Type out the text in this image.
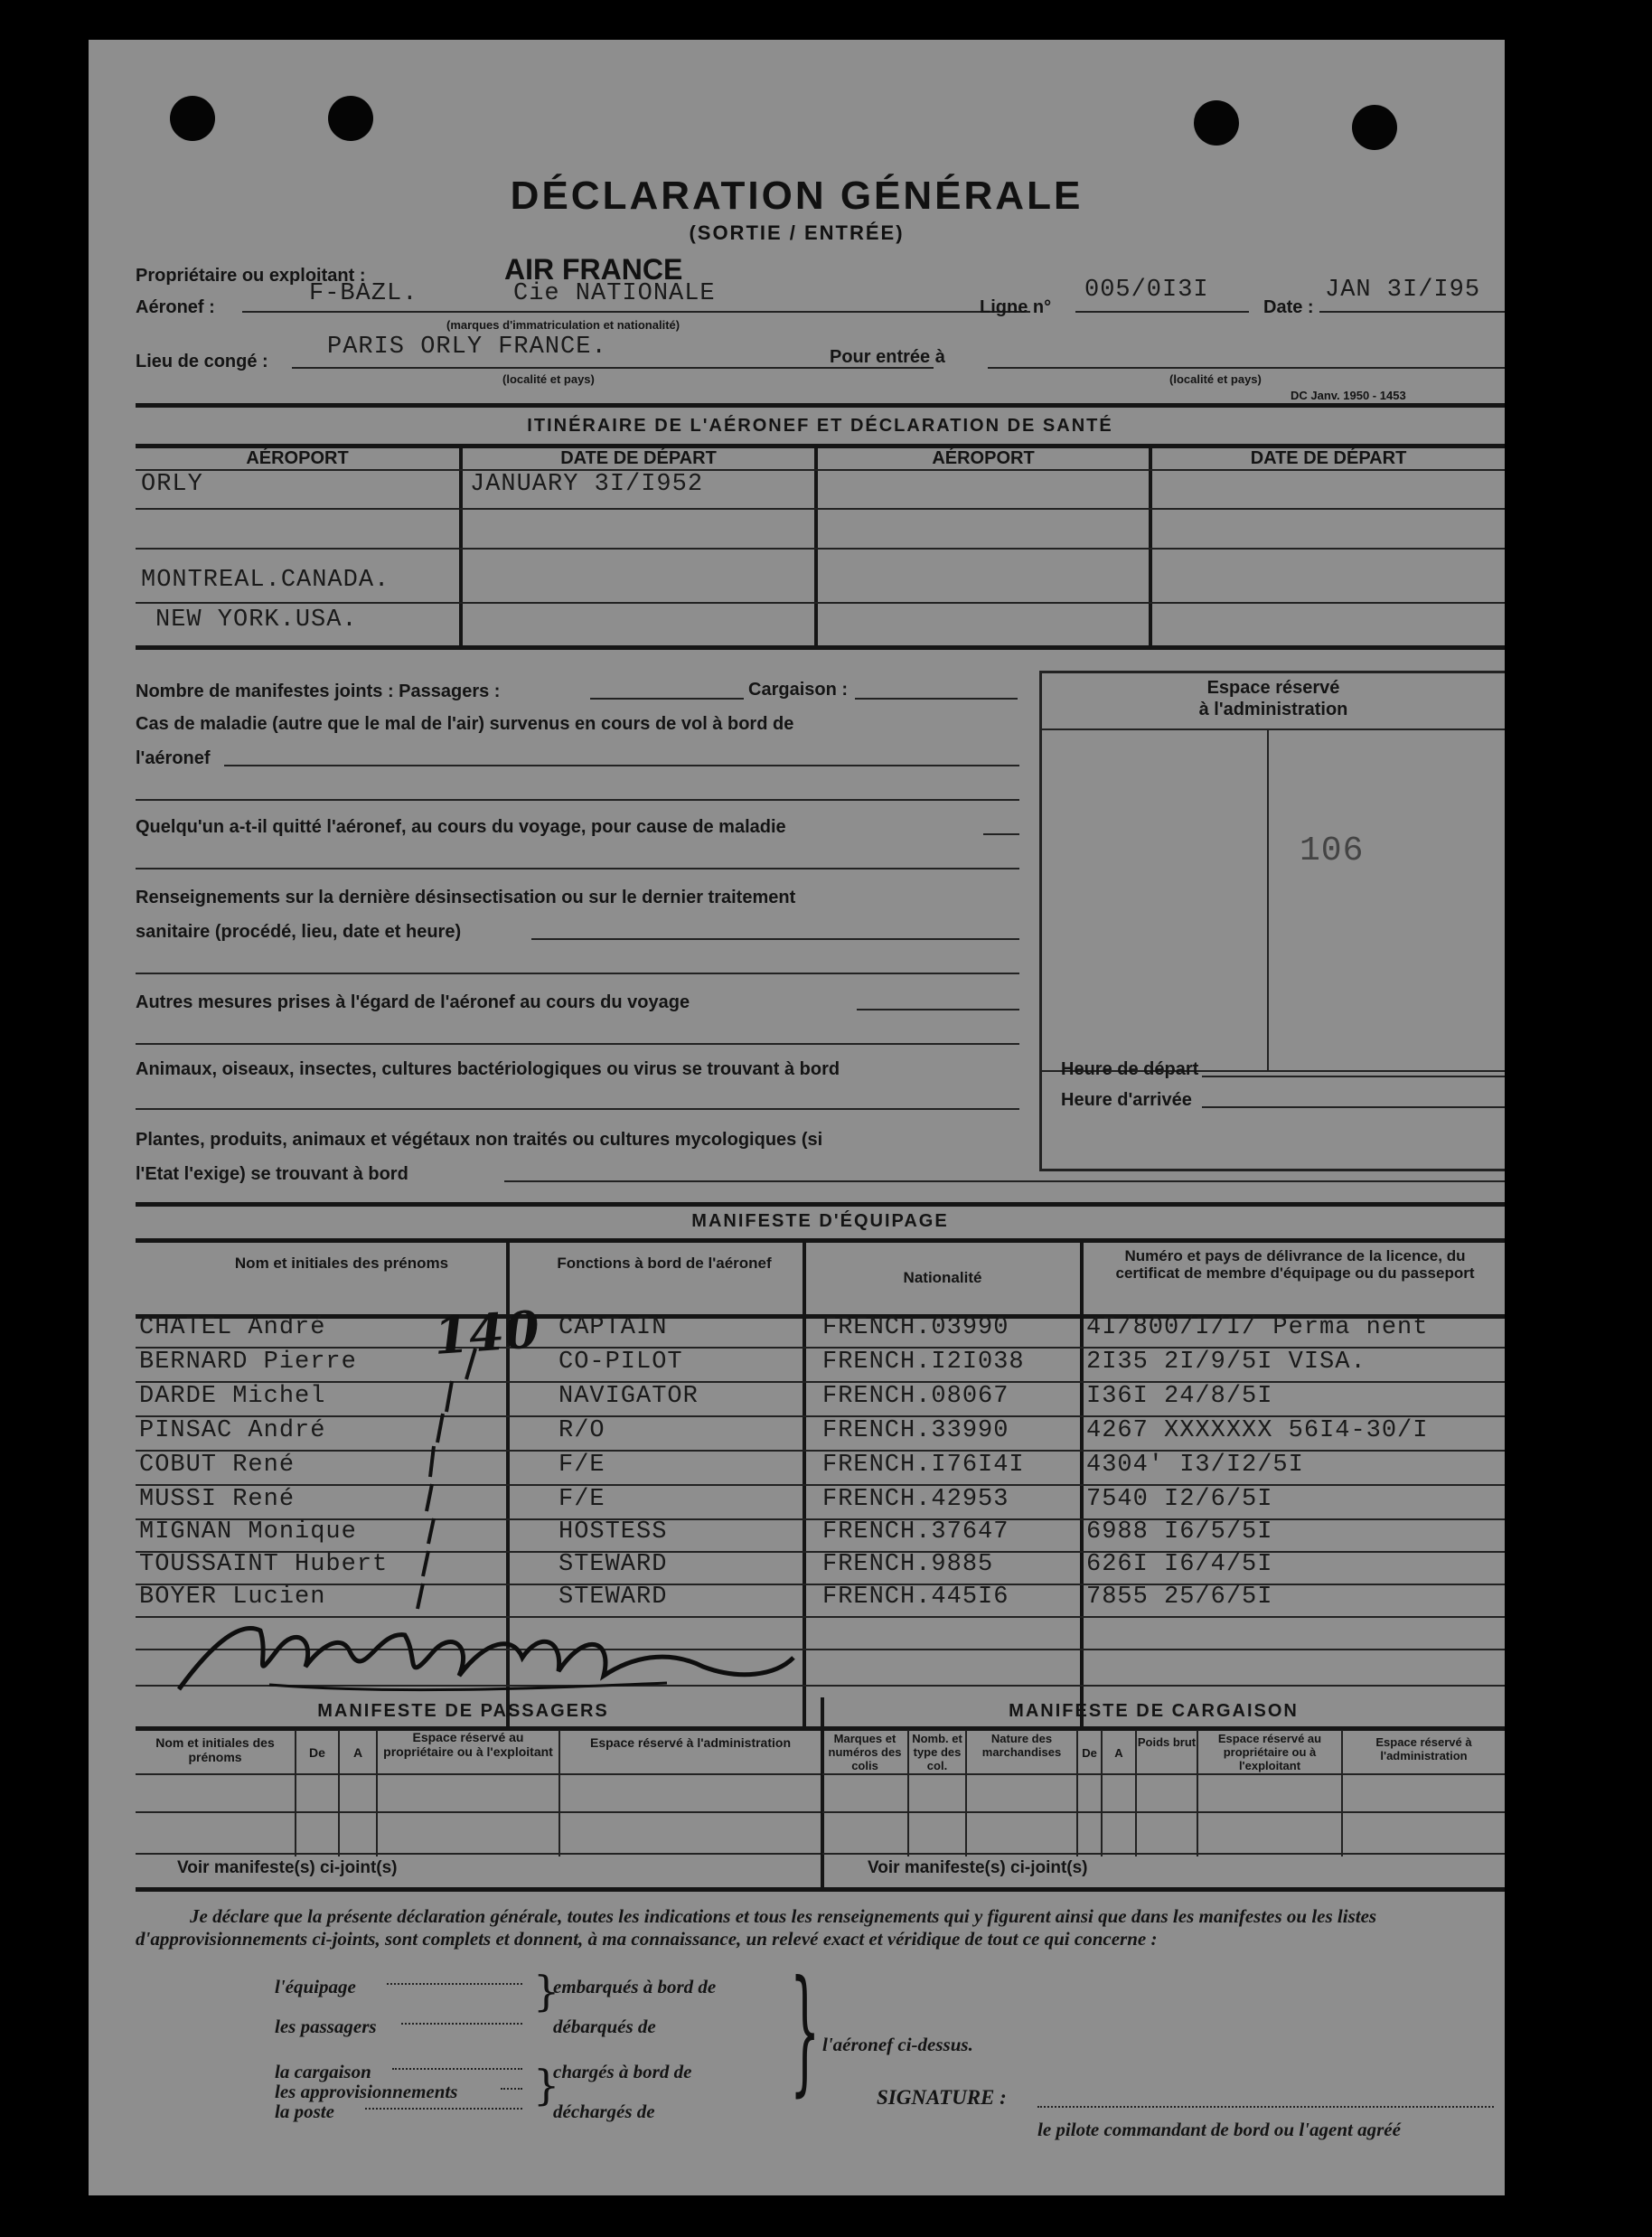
DÉCLARATION GÉNÉRALE
(SORTIE / ENTRÉE)
Propriétaire ou exploitant :	AIR FRANCE
Aéronef :	F-BAZL.	Cie NATIONALE
(marques d'immatriculation et nationalité)
Ligne n°
005/0I3I
Date :
JAN 3I/I95
Lieu de congé :
PARIS ORLY FRANCE.
(localité et pays)
Pour entrée à
(localité et pays)
DC Janv. 1950 - 1453
ITINÉRAIRE DE L'AÉRONEF ET DÉCLARATION DE SANTÉ
AÉROPORT	DATE DE DÉPART	AÉROPORT	DATE DE DÉPART
ORLY	JANUARY 3I/I952
MONTREAL.CANADA.
NEW YORK.USA.
Nombre de manifestes joints : Passagers :	Cargaison :
Cas de maladie (autre que le mal de l'air) survenus en cours de vol à bord de
l'aéronef
Quelqu'un a-t-il quitté l'aéronef, au cours du voyage, pour cause de maladie
Renseignements sur la dernière désinsectisation ou sur le dernier traitement
sanitaire (procédé, lieu, date et heure)
Autres mesures prises à l'égard de l'aéronef au cours du voyage
Animaux, oiseaux, insectes, cultures bactériologiques ou virus se trouvant à bord
Plantes, produits, animaux et végétaux non traités ou cultures mycologiques (si
l'Etat l'exige) se trouvant à bord
Espace réservé
à l'administration
106
Heure de départ
Heure d'arrivée
MANIFESTE D'ÉQUIPAGE
Nom et initiales des prénoms	Fonctions à bord de l'aéronef
Nationalité
Numéro et pays de délivrance de la licence, du certificat de membre d'équipage ou du passeport
CHATEL André	CAPTAIN	FRENCH.03990	4I/800/I/I/ Perma nent
BERNARD Pierre	CO-PILOT	FRENCH.I2I038	2I35 2I/9/5I VISA.
DARDE Michel	NAVIGATOR	FRENCH.08067	I36I 24/8/5I
PINSAC André	R/O	FRENCH.33990	4267 XXXXXXX 56I4-30/I
COBUT René	F/E	FRENCH.I76I4I	4304' I3/I2/5I
MUSSI René	F/E	FRENCH.42953	7540 I2/6/5I
MIGNAN Monique	HOSTESS	FRENCH.37647	6988 I6/5/5I
TOUSSAINT Hubert	STEWARD	FRENCH.9885	626I I6/4/5I
BOYER Lucien	STEWARD	FRENCH.445I6	7855 25/6/5I
140
MANIFESTE DE PASSAGERS	MANIFESTE DE CARGAISON
Nom et initiales des prénoms	De	A
Espace réservé au propriétaire ou à l'exploitant
Espace réservé à l'administration
Voir manifeste(s) ci-joint(s)
Marques et numéros des colis
Nomb. et type des col.
Nature des marchandises	De	A
Poids brut	Espace réservé au propriétaire ou à l'exploitant
Espace réservé à l'administration
Voir manifeste(s) ci-joint(s)
Je déclare que la présente déclaration générale, toutes les indications et tous les renseignements qui y figurent ainsi que dans les manifestes ou les listes d'approvisionnements ci-joints, sont complets et donnent, à ma connaissance, un relevé exact et véridique de tout ce qui concerne :
l'équipage
les passagers
la cargaison
les approvisionnements
la poste
}
}
embarqués à bord de
débarqués de
chargés à bord de
déchargés de
} l'aéronef ci-dessus.
SIGNATURE :
le pilote commandant de bord ou l'agent agréé
